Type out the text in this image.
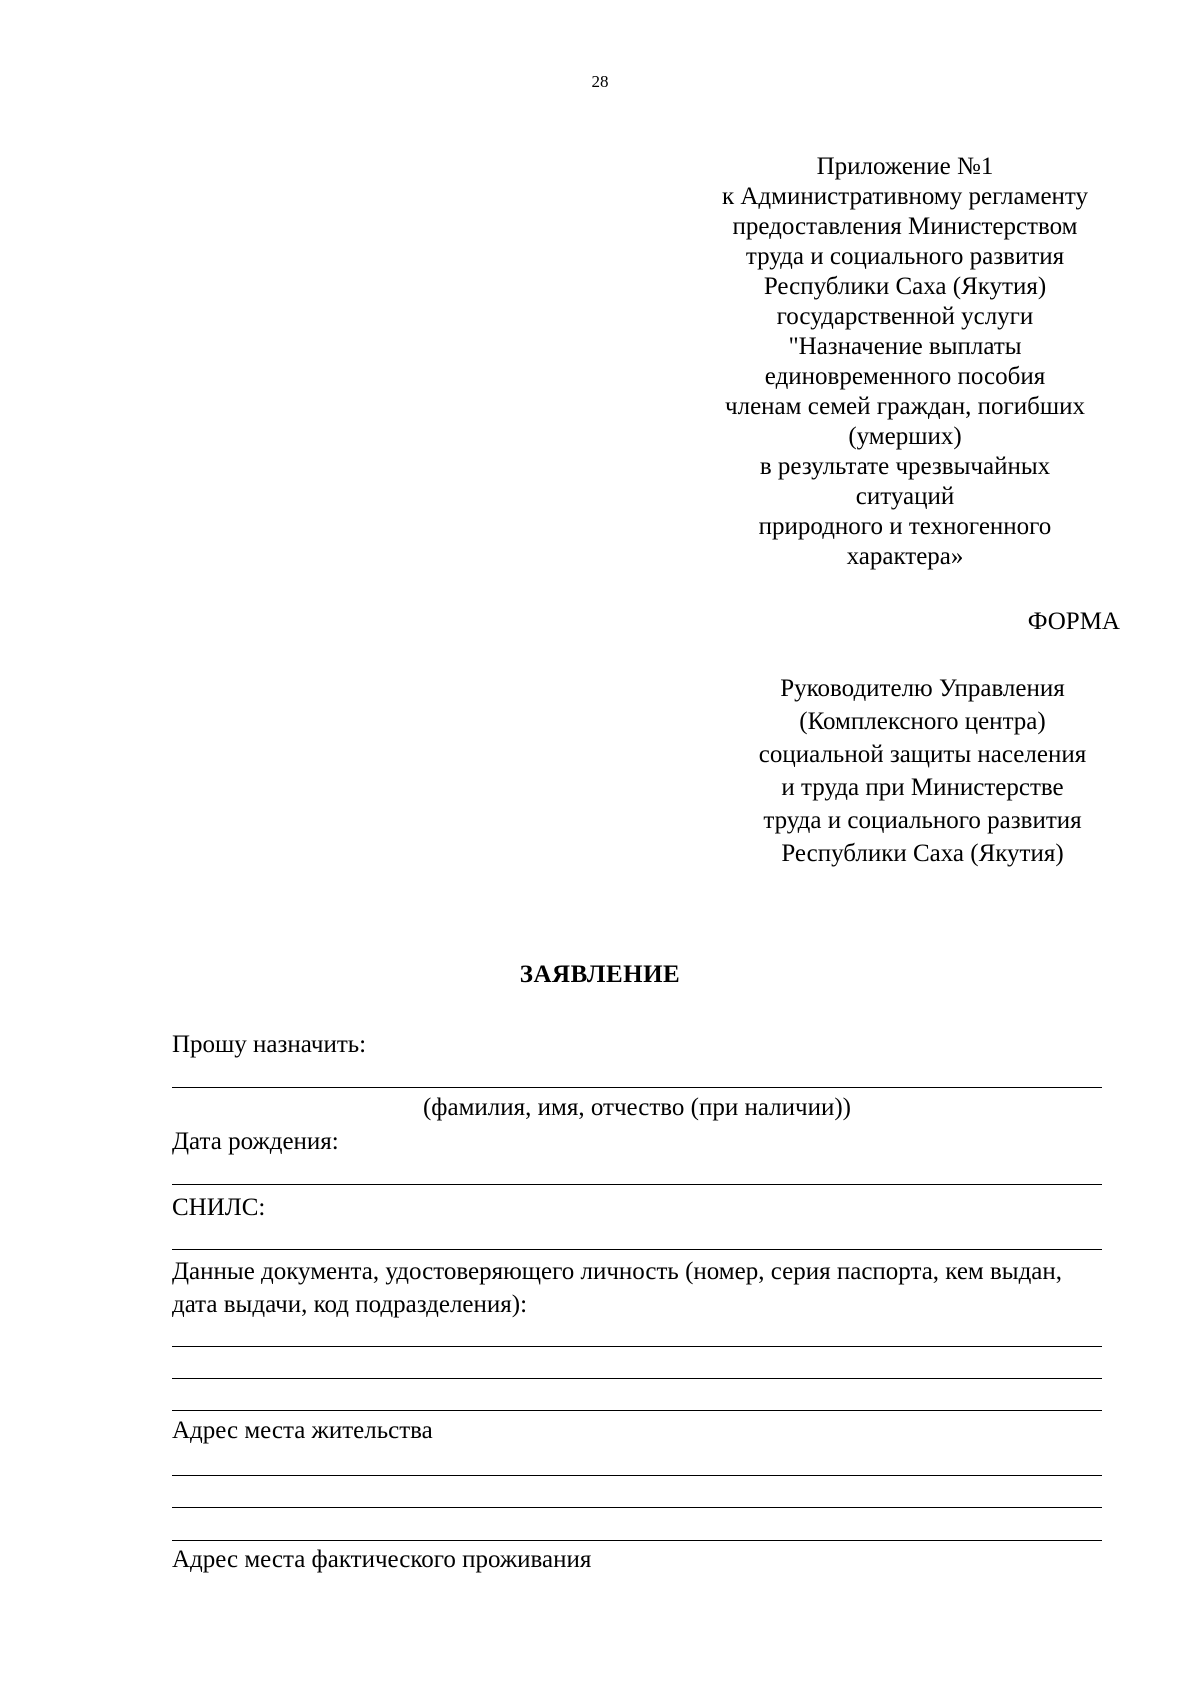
28
Приложение №1
к Административному регламенту
предоставления Министерством
труда и социального развития
Республики Саха (Якутия)
государственной услуги
"Назначение выплаты
единовременного пособия
членам семей граждан, погибших
(умерших)
в результате чрезвычайных
ситуаций
природного и техногенного
характера»
ФОРМА
Руководителю Управления
(Комплексного центра)
социальной защиты населения
и труда при Министерстве
труда и социального развития
Республики Саха (Якутия)
ЗАЯВЛЕНИЕ
Прошу назначить:
(фамилия, имя, отчество (при наличии))
Дата рождения:
СНИЛС:
Данные документа, удостоверяющего личность (номер, серия паспорта, кем выдан, дата выдачи, код подразделения):
Адрес места жительства
Адрес места фактического проживания
